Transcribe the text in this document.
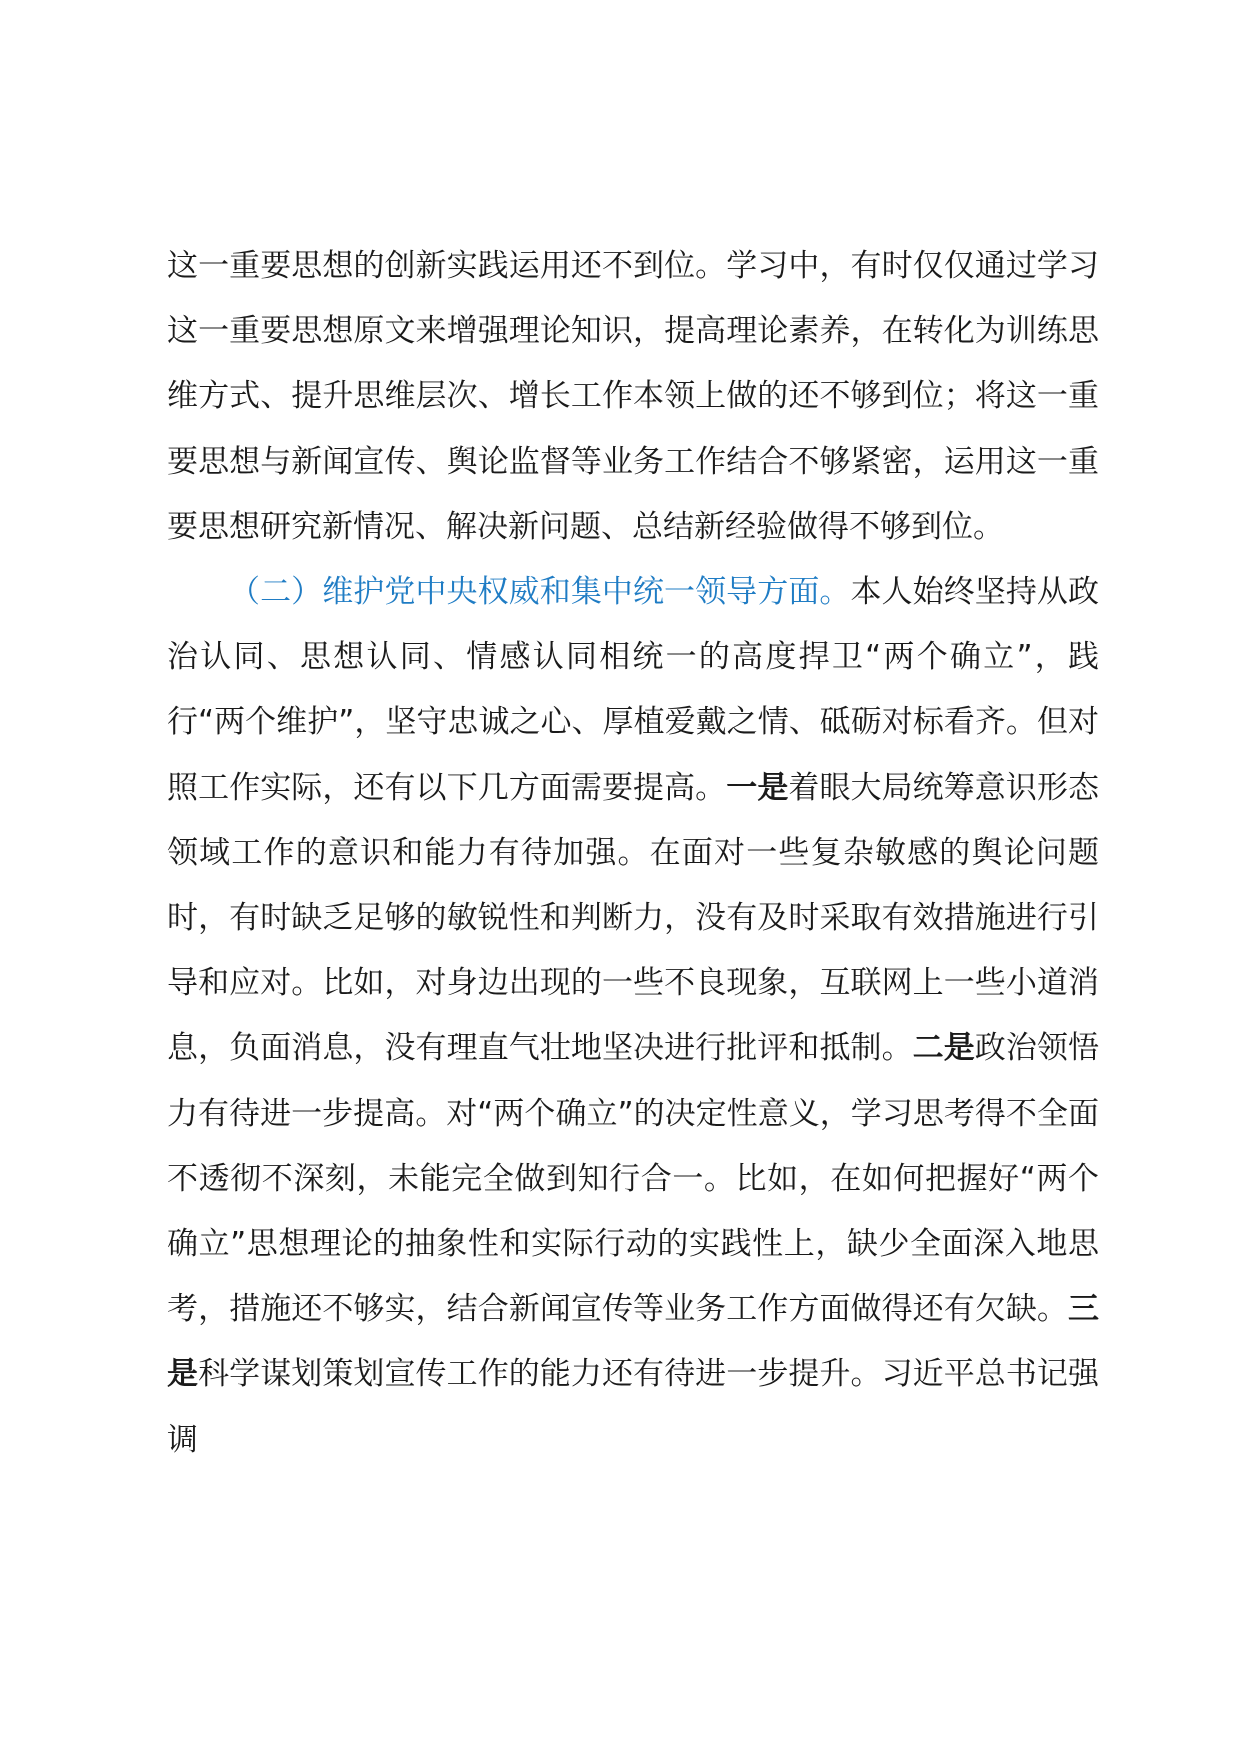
这一重要思想的创新实践运用还不到位。学习中，有时仅仅通过学习这一重要思想原文来增强理论知识，提高理论素养，在转化为训练思维方式、提升思维层次、增长工作本领上做的还不够到位；将这一重要思想与新闻宣传、舆论监督等业务工作结合不够紧密，运用这一重要思想研究新情况、解决新问题、总结新经验做得不够到位。

（二）维护党中央权威和集中统一领导方面。本人始终坚持从政治认同、思想认同、情感认同相统一的高度捍卫“两个确立”，践行“两个维护”，坚守忠诚之心、厚植爱戴之情、砥砺对标看齐。但对照工作实际，还有以下几方面需要提高。一是着眼大局统筹意识形态领域工作的意识和能力有待加强。在面对一些复杂敏感的舆论问题时，有时缺乏足够的敏锐性和判断力，没有及时采取有效措施进行引导和应对。比如，对身边出现的一些不良现象，互联网上一些小道消息，负面消息，没有理直气壮地坚决进行批评和抵制。二是政治领悟力有待进一步提高。对“两个确立”的决定性意义，学习思考得不全面不透彻不深刻，未能完全做到知行合一。比如，在如何把握好“两个确立”思想理论的抽象性和实际行动的实践性上，缺少全面深入地思考，措施还不够实，结合新闻宣传等业务工作方面做得还有欠缺。三是科学谋划策划宣传工作的能力还有待进一步提升。习近平总书记强调
